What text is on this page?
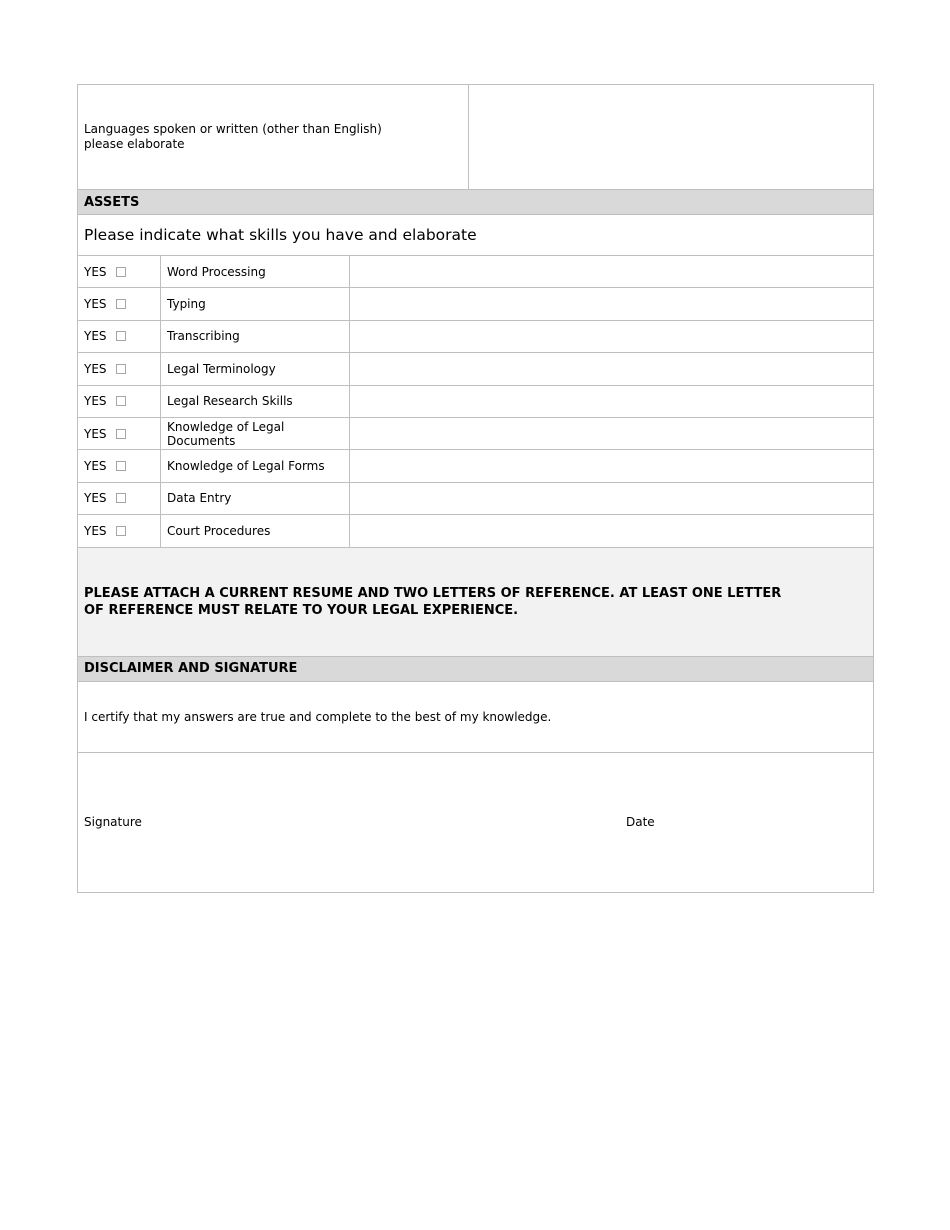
Languages spoken or written (other than English)
please elaborate
ASSETS
Please indicate what skills you have and elaborate
YES	Word Processing
YES	Typing
YES	Transcribing
YES	Legal Terminology
YES	Legal Research Skills
YES	Knowledge of Legal Documents
YES	Knowledge of Legal Forms
YES	Data Entry
YES	Court Procedures
PLEASE ATTACH A CURRENT RESUME AND TWO LETTERS OF REFERENCE. AT LEAST ONE LETTER OF REFERENCE MUST RELATE TO YOUR LEGAL EXPERIENCE.
DISCLAIMER AND SIGNATURE
I certify that my answers are true and complete to the best of my knowledge.
Signature	Date
